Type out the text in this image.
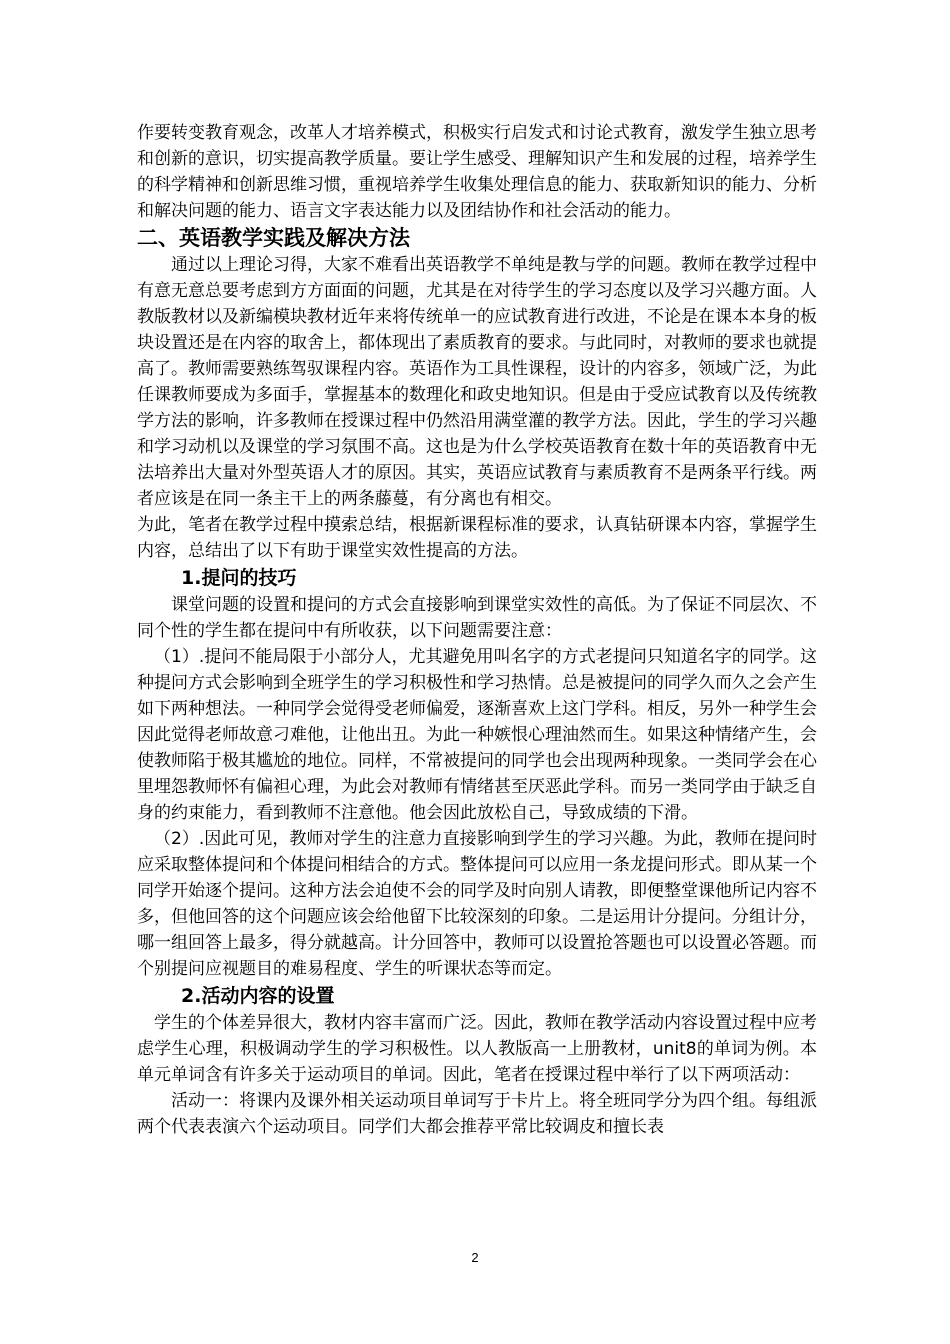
作要转变教育观念，改革人才培养模式，积极实行启发式和讨论式教育，激发学生独立思考和创新的意识，切实提高教学质量。要让学生感受、理解知识产生和发展的过程，培养学生的科学精神和创新思维习惯，重视培养学生收集处理信息的能力、获取新知识的能力、分析和解决问题的能力、语言文字表达能力以及团结协作和社会活动的能力。

二、英语教学实践及解决方法

通过以上理论习得，大家不难看出英语教学不单纯是教与学的问题。教师在教学过程中有意无意总要考虑到方方面面的问题，尤其是在对待学生的学习态度以及学习兴趣方面。人教版教材以及新编模块教材近年来将传统单一的应试教育进行改进，不论是在课本本身的板块设置还是在内容的取舍上，都体现出了素质教育的要求。与此同时，对教师的要求也就提高了。教师需要熟练驾驭课程内容。英语作为工具性课程，设计的内容多，领域广泛，为此任课教师要成为多面手，掌握基本的数理化和政史地知识。但是由于受应试教育以及传统教学方法的影响，许多教师在授课过程中仍然沿用满堂灌的教学方法。因此，学生的学习兴趣和学习动机以及课堂的学习氛围不高。这也是为什么学校英语教育在数十年的英语教育中无法培养出大量对外型英语人才的原因。其实，英语应试教育与素质教育不是两条平行线。两者应该是在同一条主干上的两条藤蔓，有分离也有相交。

为此，笔者在教学过程中摸索总结，根据新课程标准的要求，认真钻研课本内容，掌握学生内容，总结出了以下有助于课堂实效性提高的方法。

1.提问的技巧

课堂问题的设置和提问的方式会直接影响到课堂实效性的高低。为了保证不同层次、不同个性的学生都在提问中有所收获，以下问题需要注意：

（1）.提问不能局限于小部分人，尤其避免用叫名字的方式老提问只知道名字的同学。这种提问方式会影响到全班学生的学习积极性和学习热情。总是被提问的同学久而久之会产生如下两种想法。一种同学会觉得受老师偏爱，逐渐喜欢上这门学科。相反，另外一种学生会因此觉得老师故意刁难他，让他出丑。为此一种嫉恨心理油然而生。如果这种情绪产生，会使教师陷于极其尴尬的地位。同样，不常被提问的同学也会出现两种现象。一类同学会在心里埋怨教师怀有偏袒心理，为此会对教师有情绪甚至厌恶此学科。而另一类同学由于缺乏自身的约束能力，看到教师不注意他。他会因此放松自己，导致成绩的下滑。

（2）.因此可见，教师对学生的注意力直接影响到学生的学习兴趣。为此，教师在提问时应采取整体提问和个体提问相结合的方式。整体提问可以应用一条龙提问形式。即从某一个同学开始逐个提问。这种方法会迫使不会的同学及时向别人请教，即便整堂课他所记内容不多，但他回答的这个问题应该会给他留下比较深刻的印象。二是运用计分提问。分组计分，哪一组回答上最多，得分就越高。计分回答中，教师可以设置抢答题也可以设置必答题。而个别提问应视题目的难易程度、学生的听课状态等而定。

2.活动内容的设置

学生的个体差异很大，教材内容丰富而广泛。因此，教师在教学活动内容设置过程中应考虑学生心理，积极调动学生的学习积极性。以人教版高一上册教材，unit8的单词为例。本单元单词含有许多关于运动项目的单词。因此，笔者在授课过程中举行了以下两项活动：

活动一：将课内及课外相关运动项目单词写于卡片上。将全班同学分为四个组。每组派两个代表表演六个运动项目。同学们大都会推荐平常比较调皮和擅长表

2
